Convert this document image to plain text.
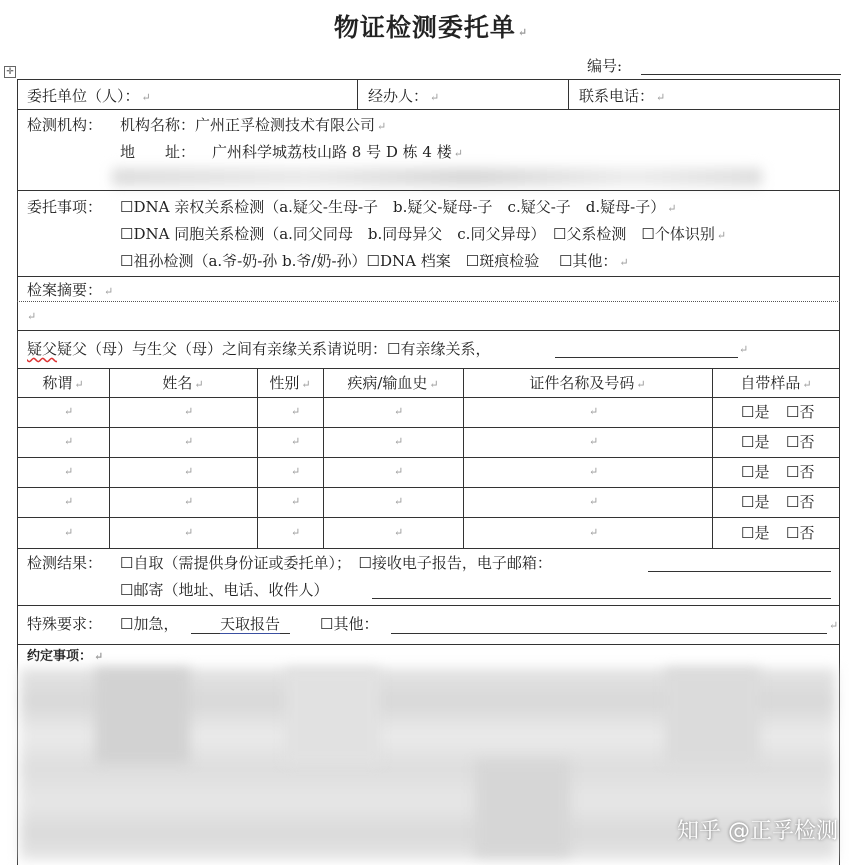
物证检测委托单 ↵
✛	编号:
委托单位（人）： ↵	经办人： ↵	联系电话： ↵
检测机构： 机构名称：广州正孚检测技术有限公司 ↵
地　　址： 广州科学城荔枝山路 8 号 D 栋 4 楼 ↵
委托事项： ☐DNA 亲权关系检测（a.疑父-生母-子　b.疑父-疑母-子　c.疑父-子　d.疑母-子） ↵
☐DNA 同胞关系检测（a.同父同母　b.同母异父　c.同父异母）　☐父系检测　☐个体识别 ↵
☐祖孙检测（a.爷-奶-孙 b.爷/奶-孙）☐DNA 档案　☐斑痕检验　 ☐其他： ↵
检案摘要： ↵
↵
疑父疑父（母）与生父（母）之间有亲缘关系请说明：☐有亲缘关系，	↵
称谓 ↵	姓名 ↵	性别 ↵	疾病/输血史 ↵	证件名称及号码 ↵	自带样品 ↵
↵	↵	↵	↵	↵	☐是 ☐否
↵	↵	↵	↵	↵	☐是 ☐否
↵	↵	↵	↵	↵	☐是 ☐否
↵	↵	↵	↵	↵	☐是 ☐否
↵	↵	↵	↵	↵	☐是 ☐否
检测结果： ☐自取（需提供身份证或委托单）；　☐接收电子报告，电子邮箱：
☐邮寄（地址、电话、收件人）
特殊要求： ☐加急，	天取报告	☐其他：	↵
约定事项： ↵
知乎 @正孚检测
